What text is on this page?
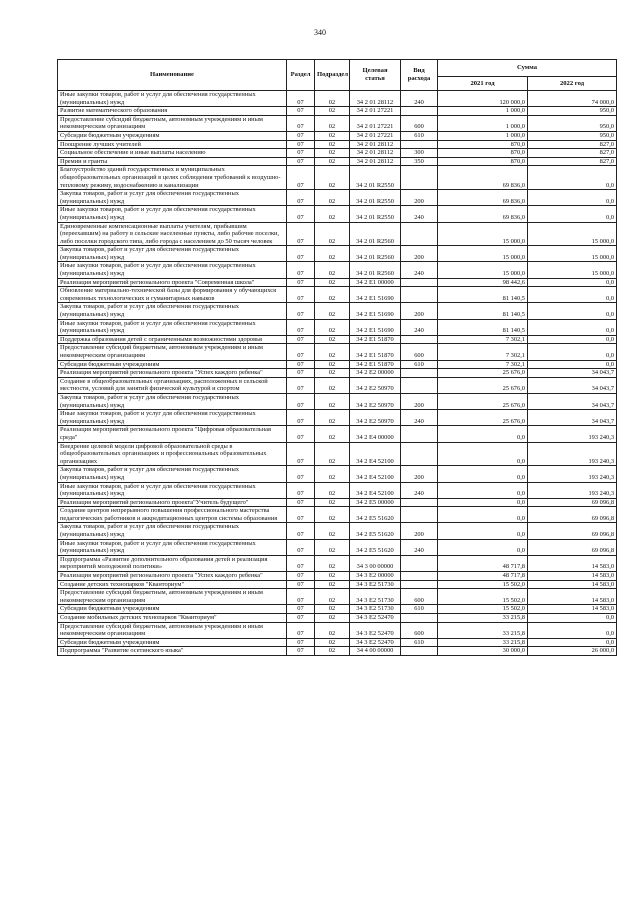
340
Наименование	Раздел	Подраздел	Целевая статья	Вид расхода	Сумма	
					2021 год	2022 год
Иные закупки товаров, работ и услуг для обеспечения государственных (муниципальных) нужд	07	02	34 2 01 28112	240	120 000,0	74 000,0
Развитие математического образования	07	02	34 2 01 27221		1 000,0	950,0
Предоставление субсидий бюджетным, автономным учреждениям и иным некоммерческим организациям	07	02	34 2 01 27221	600	1 000,0	950,0
Субсидии бюджетным учреждениям	07	02	34 2 01 27221	610	1 000,0	950,0
Поощрение лучших учителей	07	02	34 2 01 28112		870,0	827,0
Социальное обеспечение и иные выплаты населению	07	02	34 2 01 28112	300	870,0	827,0
Премии и гранты	07	02	34 2 01 28112	350	870,0	827,0
Благоустройство зданий государственных и муниципальных общеобразовательных организаций в целях соблюдения требований к воздушно-тепловому режиму, водоснабжению и канализации	07	02	34 2 01 R2550		69 836,0	0,0
Закупка товаров, работ и услуг для обеспечения государственных (муниципальных) нужд	07	02	34 2 01 R2550	200	69 836,0	0,0
Иные закупки товаров, работ и услуг для обеспечения государственных (муниципальных) нужд	07	02	34 2 01 R2550	240	69 836,0	0,0
Единовременные компенсационные выплаты учителям, прибывшим (переехавшим) на работу в сельские населенные пункты, либо рабочие поселки, либо поселки городского типа, либо города с населением до 50 тысяч человек	07	02	34 2 01 R2560		15 000,0	15 000,0
Закупка товаров, работ и услуг для обеспечения государственных (муниципальных) нужд	07	02	34 2 01 R2560	200	15 000,0	15 000,0
Иные закупки товаров, работ и услуг для обеспечения государственных (муниципальных) нужд	07	02	34 2 01 R2560	240	15 000,0	15 000,0
Реализация мероприятий регионального проекта "Современная школа"	07	02	34 2 E1 00000		98 442,6	0,0
Обновление материально-технической базы для формирования у обучающихся современных технологических и гуманитарных навыков	07	02	34 2 E1 51690		81 140,5	0,0
Закупка товаров, работ и услуг для обеспечения государственных (муниципальных) нужд	07	02	34 2 E1 51690	200	81 140,5	0,0
Иные закупки товаров, работ и услуг для обеспечения государственных (муниципальных) нужд	07	02	34 2 E1 51690	240	81 140,5	0,0
Поддержка образования детей с ограниченными возможностями здоровья	07	02	34 2 E1 51870		7 302,1	0,0
Предоставление субсидий бюджетным, автономным учреждениям и иным некоммерческим организациям	07	02	34 2 E1 51870	600	7 302,1	0,0
Субсидии бюджетным учреждениям	07	02	34 2 E1 51870	610	7 302,1	0,0
Реализация мероприятий регионального проекта "Успех каждого ребенка"	07	02	34 2 E2 00000		25 676,0	34 043,7
Создание в общеобразовательных организациях, расположенных в сельской местности, условий для занятий физической культурой и спортом	07	02	34 2 E2 50970		25 676,0	34 043,7
Закупка товаров, работ и услуг для обеспечения государственных (муниципальных) нужд	07	02	34 2 E2 50970	200	25 676,0	34 043,7
Иные закупки товаров, работ и услуг для обеспечения государственных (муниципальных) нужд	07	02	34 2 E2 50970	240	25 676,0	34 043,7
Реализация мероприятий регионального проекта "Цифровая образовательная среда"	07	02	34 2 E4 00000		0,0	193 240,3
Внедрение целевой модели цифровой образовательной среды в общеобразовательных организациях и профессиональных образовательных организациях	07	02	34 2 E4 52100		0,0	193 240,3
Закупка товаров, работ и услуг для обеспечения государственных (муниципальных) нужд	07	02	34 2 E4 52100	200	0,0	193 240,3
Иные закупки товаров, работ и услуг для обеспечения государственных (муниципальных) нужд	07	02	34 2 E4 52100	240	0,0	193 240,3
Реализация мероприятий регионального проекта"Учитель будущего"	07	02	34 2 E5 00000		0,0	69 096,8
Создание центров непрерывного повышения профессионального мастерства педагогических работников и аккредитационных центров системы образования	07	02	34 2 E5 51620		0,0	69 096,8
Закупка товаров, работ и услуг для обеспечения государственных (муниципальных) нужд	07	02	34 2 E5 51620	200	0,0	69 096,8
Иные закупки товаров, работ и услуг для обеспечения государственных (муниципальных) нужд	07	02	34 2 E5 51620	240	0,0	69 096,8
Подпрограмма «Развитие дополнительного образования детей и реализация мероприятий молодежной политики»	07	02	34 3 00 00000		48 717,8	14 583,0
Реализация мероприятий регионального проекта "Успех каждого ребенка"	07	02	34 3 E2 00000		48 717,8	14 583,0
Создание детских технопарков "Кванториум"	07	02	34 3 E2 51730		15 502,0	14 583,0
Предоставление субсидий бюджетным, автономным учреждениям и иным некоммерческим организациям	07	02	34 3 E2 51730	600	15 502,0	14 583,0
Субсидии бюджетным учреждениям	07	02	34 3 E2 51730	610	15 502,0	14 583,0
Создание мобильных детских технопарков "Кванториум"	07	02	34 3 E2 52470		33 215,8	0,0
Предоставление субсидий бюджетным, автономным учреждениям и иным некоммерческим организациям	07	02	34 3 E2 52470	600	33 215,8	0,0
Субсидии бюджетным учреждениям	07	02	34 3 E2 52470	610	33 215,8	0,0
Подпрограмма "Развитие осетинского языка"	07	02	34 4 00 00000		30 000,0	26 000,0
